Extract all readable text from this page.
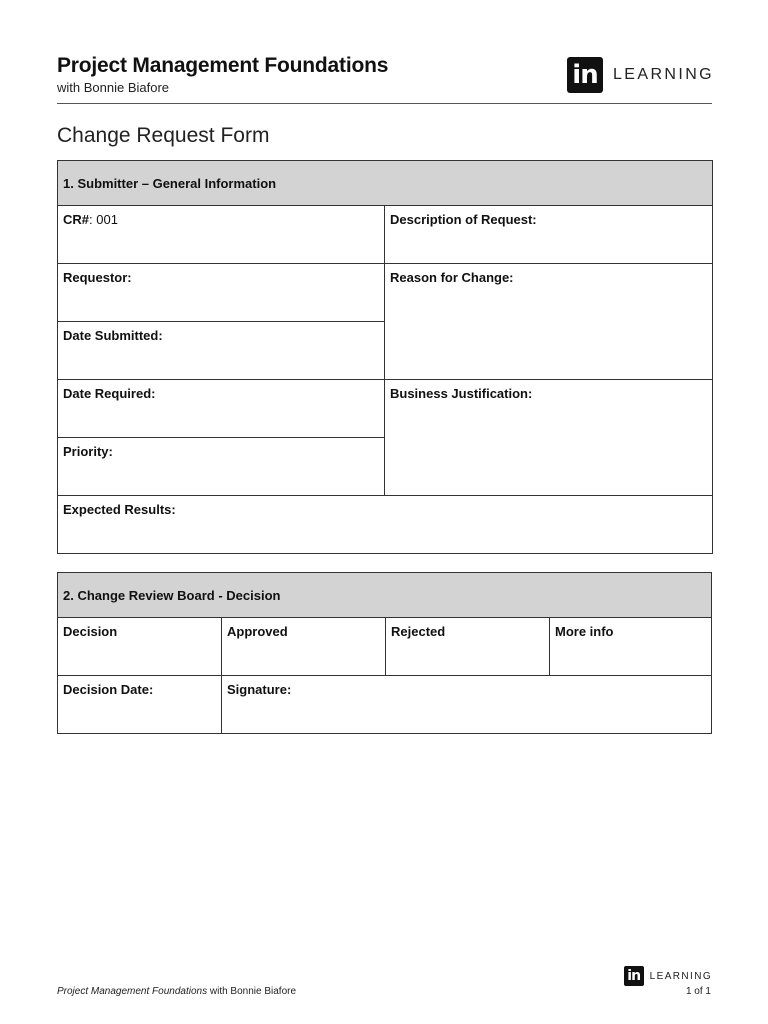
Project Management Foundations
with Bonnie Biafore	in LEARNING
Change Request Form
1. Submitter – General Information	
CR#: 001	Description of Request:
Requestor:	Reason for Change:
Date Submitted:	
Date Required:	Business Justification:
Priority:	
Expected Results:	
2. Change Review Board - Decision			
Decision	Approved	Rejected	More info
Decision Date:	Signature:		
Project Management Foundations with Bonnie Biafore
in LEARNING
1 of 1
